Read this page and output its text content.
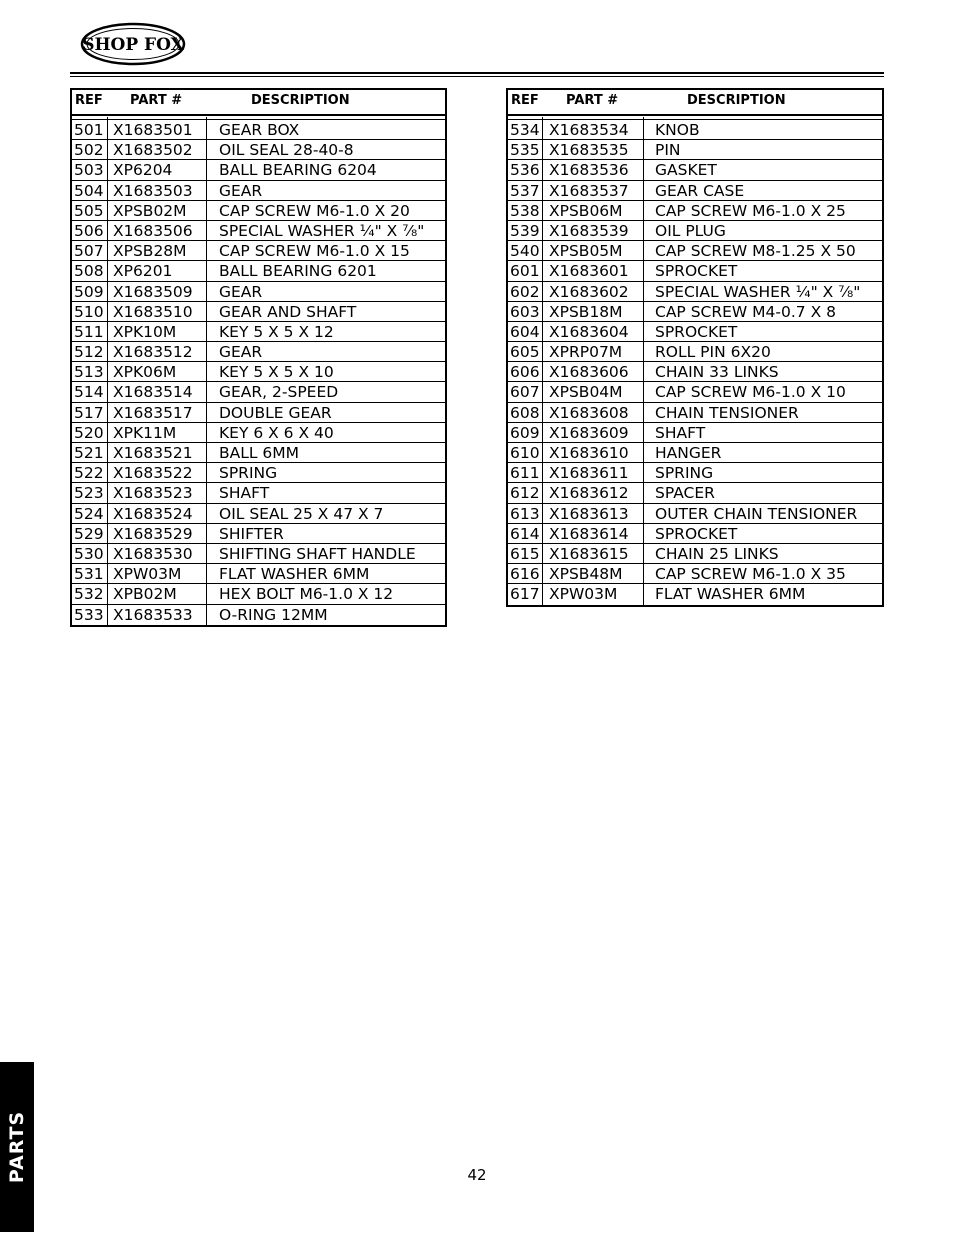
SHOP FOX
REF PART #	DESCRIPTION
501 X1683501	GEAR BOX
502 X1683502	OIL SEAL 28-40-8
503 XP6204	BALL BEARING 6204
504 X1683503	GEAR
505 XPSB02M	CAP SCREW M6-1.0 X 20
506 X1683506	SPECIAL WASHER ¹⁄₄" X ⁷⁄₈"
507 XPSB28M	CAP SCREW M6-1.0 X 15
508 XP6201	BALL BEARING 6201
509 X1683509	GEAR
510 X1683510	GEAR AND SHAFT
511 XPK10M	KEY 5 X 5 X 12
512 X1683512	GEAR
513 XPK06M	KEY 5 X 5 X 10
514 X1683514	GEAR, 2-SPEED
517 X1683517	DOUBLE GEAR
520 XPK11M	KEY 6 X 6 X 40
521 X1683521	BALL 6MM
522 X1683522	SPRING
523 X1683523	SHAFT
524 X1683524	OIL SEAL 25 X 47 X 7
529 X1683529	SHIFTER
530 X1683530	SHIFTING SHAFT HANDLE
531 XPW03M	FLAT WASHER 6MM
532 XPB02M	HEX BOLT M6-1.0 X 12
533 X1683533	O-RING 12MM
REF PART #	DESCRIPTION
534 X1683534	KNOB
535 X1683535	PIN
536 X1683536	GASKET
537 X1683537	GEAR CASE
538 XPSB06M	CAP SCREW M6-1.0 X 25
539 X1683539	OIL PLUG
540 XPSB05M	CAP SCREW M8-1.25 X 50
601 X1683601	SPROCKET
602 X1683602	SPECIAL WASHER ¹⁄₄" X ⁷⁄₈"
603 XPSB18M	CAP SCREW M4-0.7 X 8
604 X1683604	SPROCKET
605 XPRP07M	ROLL PIN 6X20
606 X1683606	CHAIN 33 LINKS
607 XPSB04M	CAP SCREW M6-1.0 X 10
608 X1683608	CHAIN TENSIONER
609 X1683609	SHAFT
610 X1683610	HANGER
611 X1683611	SPRING
612 X1683612	SPACER
613 X1683613	OUTER CHAIN TENSIONER
614 X1683614	SPROCKET
615 X1683615	CHAIN 25 LINKS
616 XPSB48M	CAP SCREW M6-1.0 X 35
617 XPW03M	FLAT WASHER 6MM
PARTS	42
